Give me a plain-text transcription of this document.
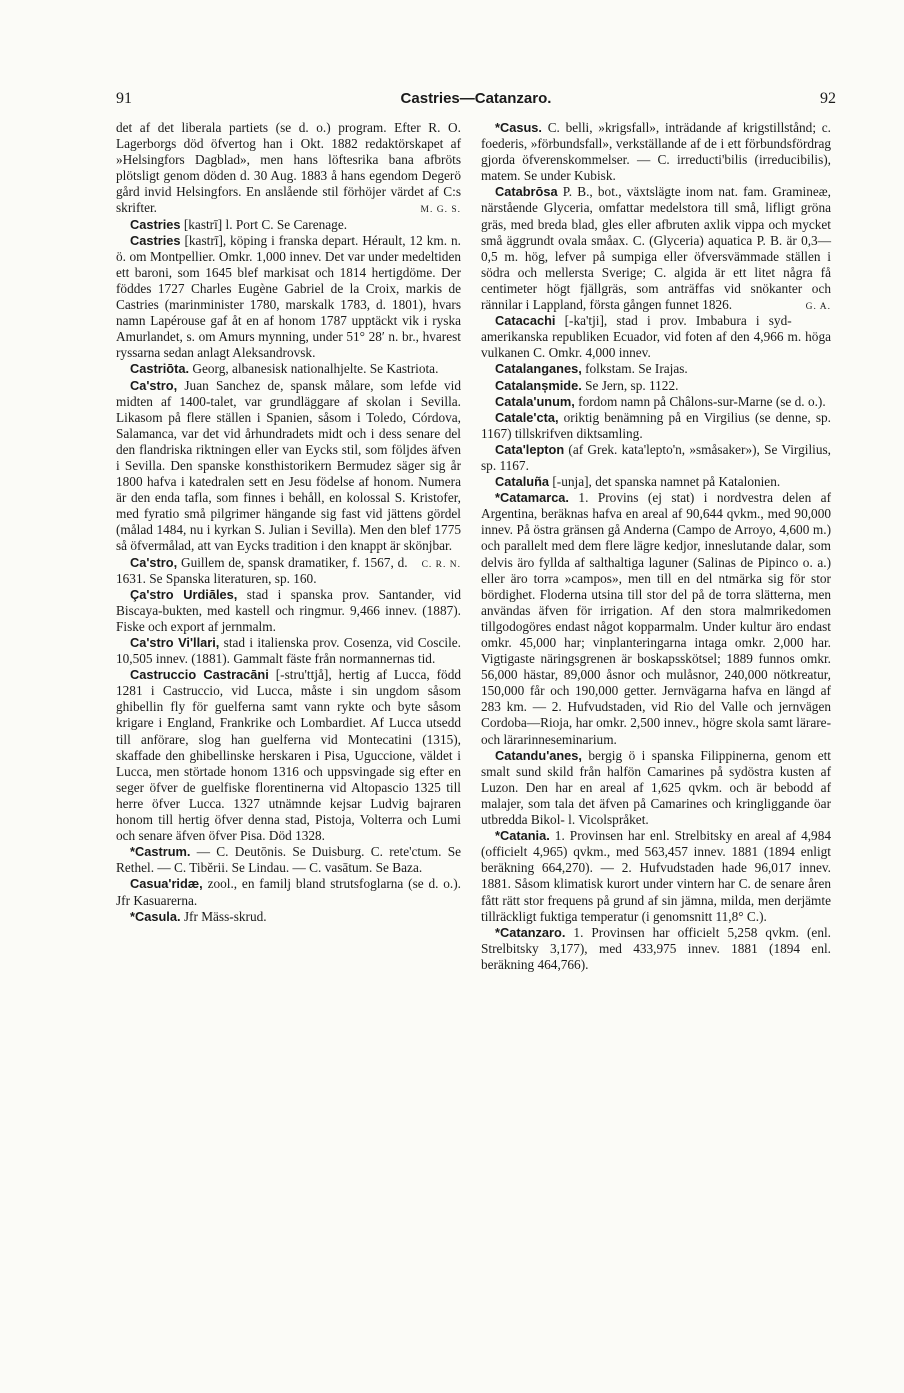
91	Castries—Catanzaro.	92

det af det liberala partiets (se d. o.) program. Efter R. O. Lagerborgs död öfvertog han i Okt. 1882 redaktörskapet af »Helsingfors Dagblad», men hans löftesrika bana afbröts plötsligt genom döden d. 30 Aug. 1883 å hans egendom Degerö gård invid Helsingfors. En anslående stil förhöjer värdet af C:s skrifter.	M. G. S.

Castries [kastrī] l. Port C. Se Carenage.

Castries [kastrī], köping i franska depart. Hérault, 12 km. n. ö. om Montpellier. Omkr. 1,000 innev. Det var under medeltiden ett baroni, som 1645 blef markisat och 1814 hertigdöme. Der föddes 1727 Charles Eugène Gabriel de la Croix, markis de Castries (marinminister 1780, marskalk 1783, d. 1801), hvars namn Lapérouse gaf åt en af honom 1787 upptäckt vik i ryska Amurlandet, s. om Amurs mynning, under 51° 28′ n. br., hvarest ryssarna sedan anlagt Aleksandrovsk.

Castriōta. Georg, albanesisk nationalhjelte. Se Kastriota.

Ca'stro, Juan Sanchez de, spansk målare, som lefde vid midten af 1400-talet, var grundläggare af skolan i Sevilla. Likasom på flere ställen i Spanien, såsom i Toledo, Córdova, Salamanca, var det vid århundradets midt och i dess senare del den flandriska riktningen eller van Eycks stil, som följdes äfven i Sevilla. Den spanske konsthistorikern Bermudez säger sig år 1800 hafva i katedralen sett en Jesu födelse af honom. Numera är den enda tafla, som finnes i behåll, en kolossal S. Kristofer, med fyratio små pilgrimer hängande sig fast vid jättens gördel (målad 1484, nu i kyrkan S. Julian i Sevilla). Men den blef 1775 så öfvermålad, att van Eycks tradition i den knappt är skönjbar.
C. R. N.

Ca'stro, Guillem de, spansk dramatiker, f. 1567, d. 1631. Se Spanska literaturen, sp. 160.

Ça'stro Urdiāles, stad i spanska prov. Santander, vid Biscaya-bukten, med kastell och ringmur. 9,466 innev. (1887). Fiske och export af jernmalm.

Ca'stro Vi'llari, stad i italienska prov. Cosenza, vid Coscile. 10,505 innev. (1881). Gammalt fäste från normannernas tid.

Castruccio Castracāni [-stru'ttjå], hertig af Lucca, född 1281 i Castruccio, vid Lucca, måste i sin ungdom såsom ghibellin fly för guelferna samt vann rykte och byte såsom krigare i England, Frankrike och Lombardiet. Af Lucca utsedd till anförare, slog han guelferna vid Montecatini (1315), skaffade den ghibellinske herskaren i Pisa, Uguccione, väldet i Lucca, men störtade honom 1316 och uppsvingade sig efter en seger öfver de guelfiske florentinerna vid Altopascio 1325 till herre öfver Lucca. 1327 utnämnde kejsar Ludvig bajraren honom till hertig öfver denna stad, Pistoja, Volterra och Lumi och senare äfven öfver Pisa. Död 1328.

*Castrum. — C. Deutōnis. Se Duisburg. C. rete'ctum. Se Rethel. — C. Tibĕrii. Se Lindau. — C. vasātum. Se Baza.

Casua'ridæ, zool., en familj bland strutsfoglarna (se d. o.). Jfr Kasuarerna.

*Casula. Jfr Mäss-skrud.

*Casus. C. belli, »krigsfall», inträdande af krigstillstånd; c. foederis, »förbundsfall», verkställande af de i ett förbundsfördrag gjorda öfverenskommelser. — C. irreducti'bilis (irreducibilis), matem. Se under Kubisk.

Catabrōsa P. B., bot., växtslägte inom nat. fam. Gramineæ, närstående Glyceria, omfattar medelstora till små, lifligt gröna gräs, med breda blad, gles eller afbruten axlik vippa och mycket små äggrundt ovala småax. C. (Glyceria) aquatica P. B. är 0,3—0,5 m. hög, lefver på sumpiga eller öfversvämmade ställen i södra och mellersta Sverige; C. algida är ett litet några få centimeter högt fjällgräs, som anträffas vid snökanter och rännilar i Lappland, första gången funnet 1826.	G. A.

Catacachi [-ka'tji], stad i prov. Imbabura i syd-amerikanska republiken Ecuador, vid foten af den 4,966 m. höga vulkanen C. Omkr. 4,000 innev.

Catalanganes, folkstam. Se Irajas.

Catalanșmide. Se Jern, sp. 1122.

Catala'unum, fordom namn på Châlons-sur-Marne (se d. o.).

Catale'cta, oriktig benämning på en Virgilius (se denne, sp. 1167) tillskrifven diktsamling.

Cata'lepton (af Grek. kata'lepto'n, »småsaker»), Se Virgilius, sp. 1167.

Cataluña [-unja], det spanska namnet på Katalonien.

*Catamarca. 1. Provins (ej stat) i nordvestra delen af Argentina, beräknas hafva en areal af 90,644 qvkm., med 90,000 innev. På östra gränsen gå Anderna (Campo de Arroyo, 4,600 m.) och parallelt med dem flere lägre kedjor, inneslutande dalar, som delvis äro fyllda af salthaltiga laguner (Salinas de Pipinco o. a.) eller äro torra »campos», men till en del ntmärka sig för stor bördighet. Floderna utsina till stor del på de torra slätterna, men användas äfven för irrigation. Af den stora malmrikedomen tillgodogöres endast något kopparmalm. Under kultur äro endast omkr. 45,000 har; vinplanteringarna intaga omkr. 2,000 har. Vigtigaste näringsgrenen är boskapsskötsel; 1889 funnos omkr. 56,000 hästar, 89,000 åsnor och mulåsnor, 240,000 nötkreatur, 150,000 får och 190,000 getter. Jernvägarna hafva en längd af 283 km. — 2. Hufvudstaden, vid Rio del Valle och jernvägen Cordoba—Rioja, har omkr. 2,500 innev., högre skola samt lärare- och lärarinneseminarium.

Catandu'anes, bergig ö i spanska Filippinerna, genom ett smalt sund skild från halfön Camarines på sydöstra kusten af Luzon. Den har en areal af 1,625 qvkm. och är bebodd af malajer, som tala det äfven på Camarines och kringliggande öar utbredda Bikol- l. Vicolspråket.

*Catania. 1. Provinsen har enl. Strelbitsky en areal af 4,984 (officielt 4,965) qvkm., med 563,457 innev. 1881 (1894 enligt beräkning 664,270). — 2. Hufvudstaden hade 96,017 innev. 1881. Såsom klimatisk kurort under vintern har C. de senare åren fått rätt stor frequens på grund af sin jämna, milda, men derjämte tillräckligt fuktiga temperatur (i genomsnitt 11,8° C.).

*Catanzaro. 1. Provinsen har officielt 5,258 qvkm. (enl. Strelbitsky 3,177), med 433,975 innev. 1881 (1894 enl. beräkning 464,766).
